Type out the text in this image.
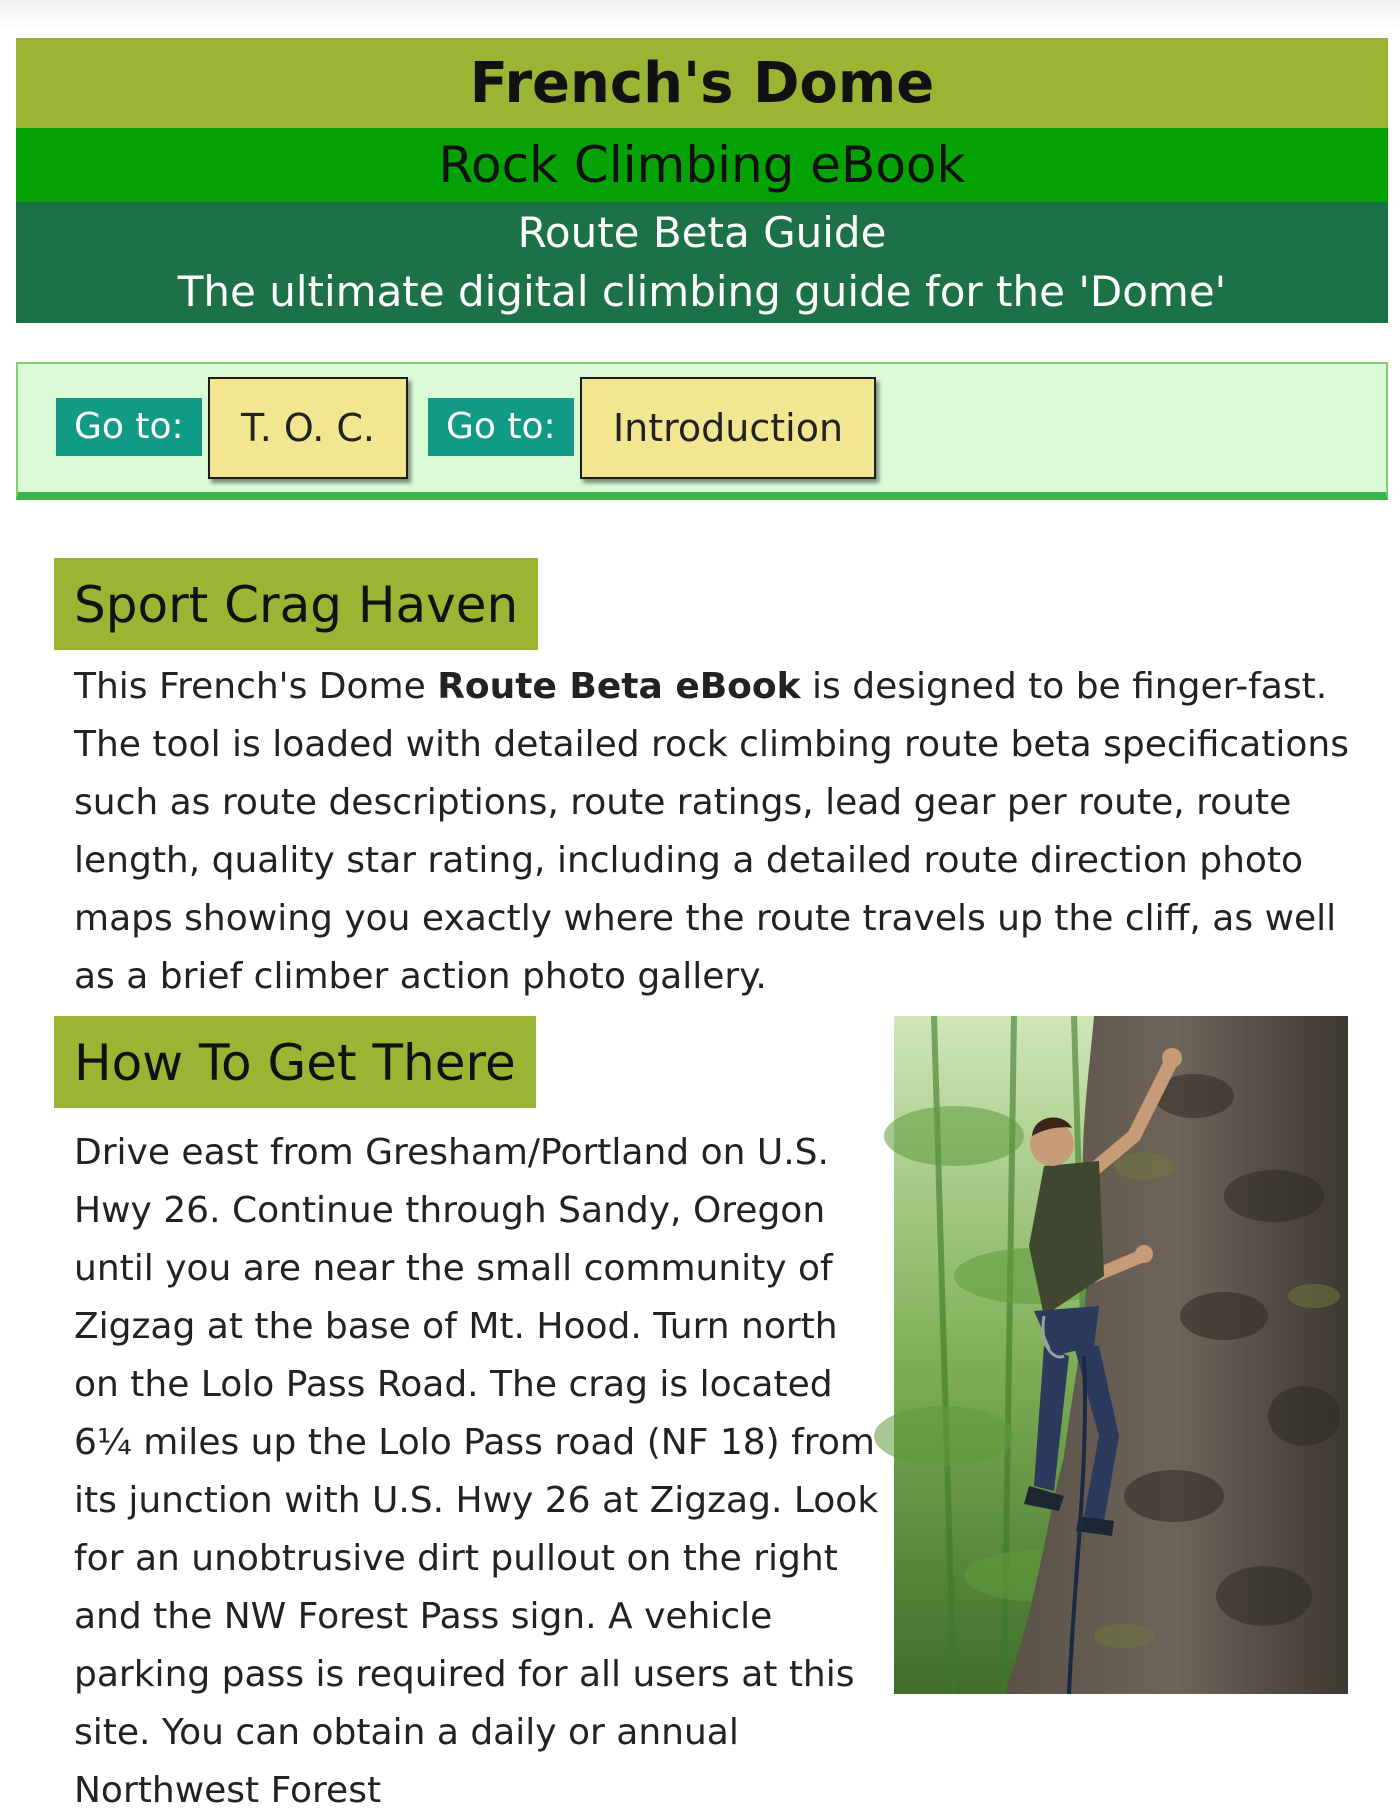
French's Dome
Rock Climbing eBook
Route Beta Guide
The ultimate digital climbing guide for the 'Dome'
Go to:	T. O. C.	Go to:	Introduction
Sport Crag Haven
This French's Dome Route Beta eBook is designed to be finger-fast. The tool is loaded with detailed rock climbing route beta specifications such as route descriptions, route ratings, lead gear per route, route length, quality star rating, including a detailed route direction photo maps showing you exactly where the route travels up the cliff, as well as a brief climber action photo gallery.
How To Get There
Drive east from Gresham/Portland on U.S. Hwy 26. Continue through Sandy, Oregon until you are near the small community of Zigzag at the base of Mt. Hood. Turn north on the Lolo Pass Road. The crag is located 6¼ miles up the Lolo Pass road (NF 18) from its junction with U.S. Hwy 26 at Zigzag. Look for an unobtrusive dirt pullout on the right and the NW Forest Pass sign. A vehicle parking pass is required for all users at this site. You can obtain a daily or annual Northwest Forest
